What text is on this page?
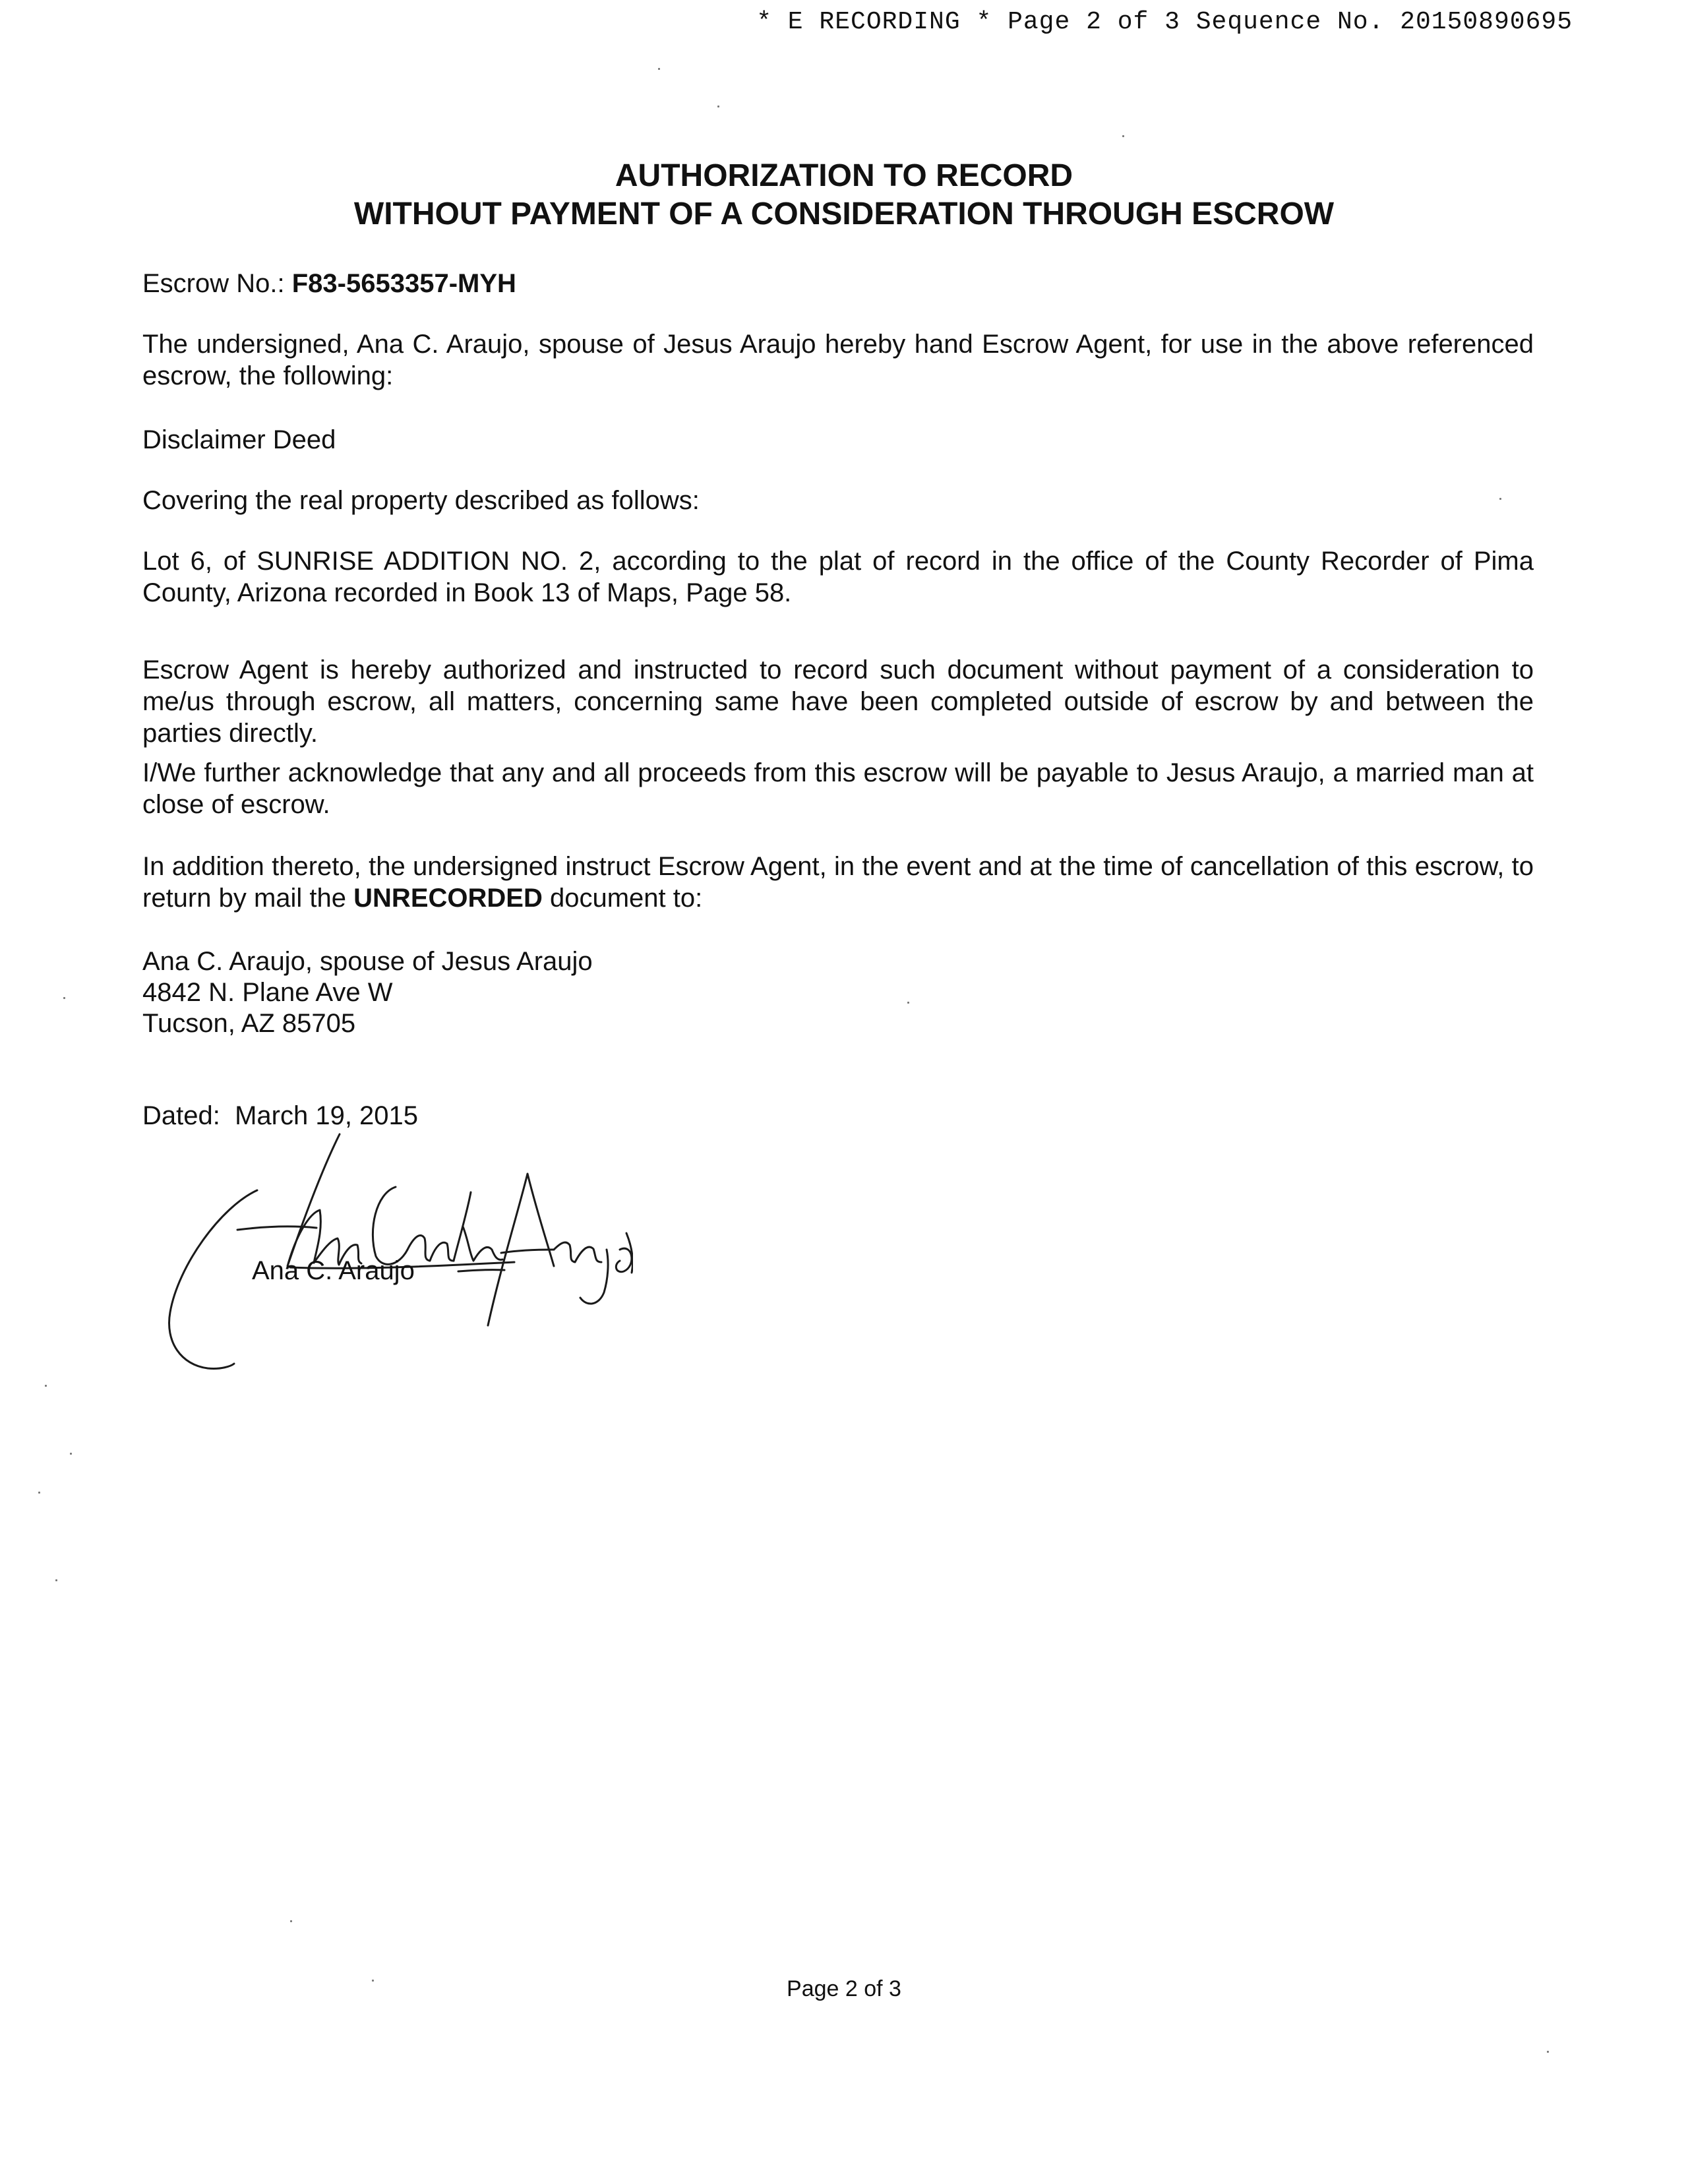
* E RECORDING * Page 2 of 3 Sequence No. 20150890695
AUTHORIZATION TO RECORD
WITHOUT PAYMENT OF A CONSIDERATION THROUGH ESCROW
Escrow No.: F83-5653357-MYH
The undersigned, Ana C. Araujo, spouse of Jesus Araujo hereby hand Escrow Agent, for use in the above referenced escrow, the following:
Disclaimer Deed
Covering the real property described as follows:
Lot 6, of SUNRISE ADDITION NO. 2, according to the plat of record in the office of the County Recorder of Pima County, Arizona recorded in Book 13 of Maps, Page 58.
Escrow Agent is hereby authorized and instructed to record such document without payment of a consideration to me/us through escrow, all matters, concerning same have been completed outside of escrow by and between the parties directly.
I/We further acknowledge that any and all proceeds from this escrow will be payable to Jesus Araujo, a married man at close of escrow.
In addition thereto, the undersigned instruct Escrow Agent, in the event and at the time of cancellation of this escrow, to return by mail the UNRECORDED document to:
Ana C. Araujo, spouse of Jesus Araujo
4842 N. Plane Ave W
Tucson, AZ 85705
Dated: March 19, 2015
Ana C. Araujo
Page 2 of 3
